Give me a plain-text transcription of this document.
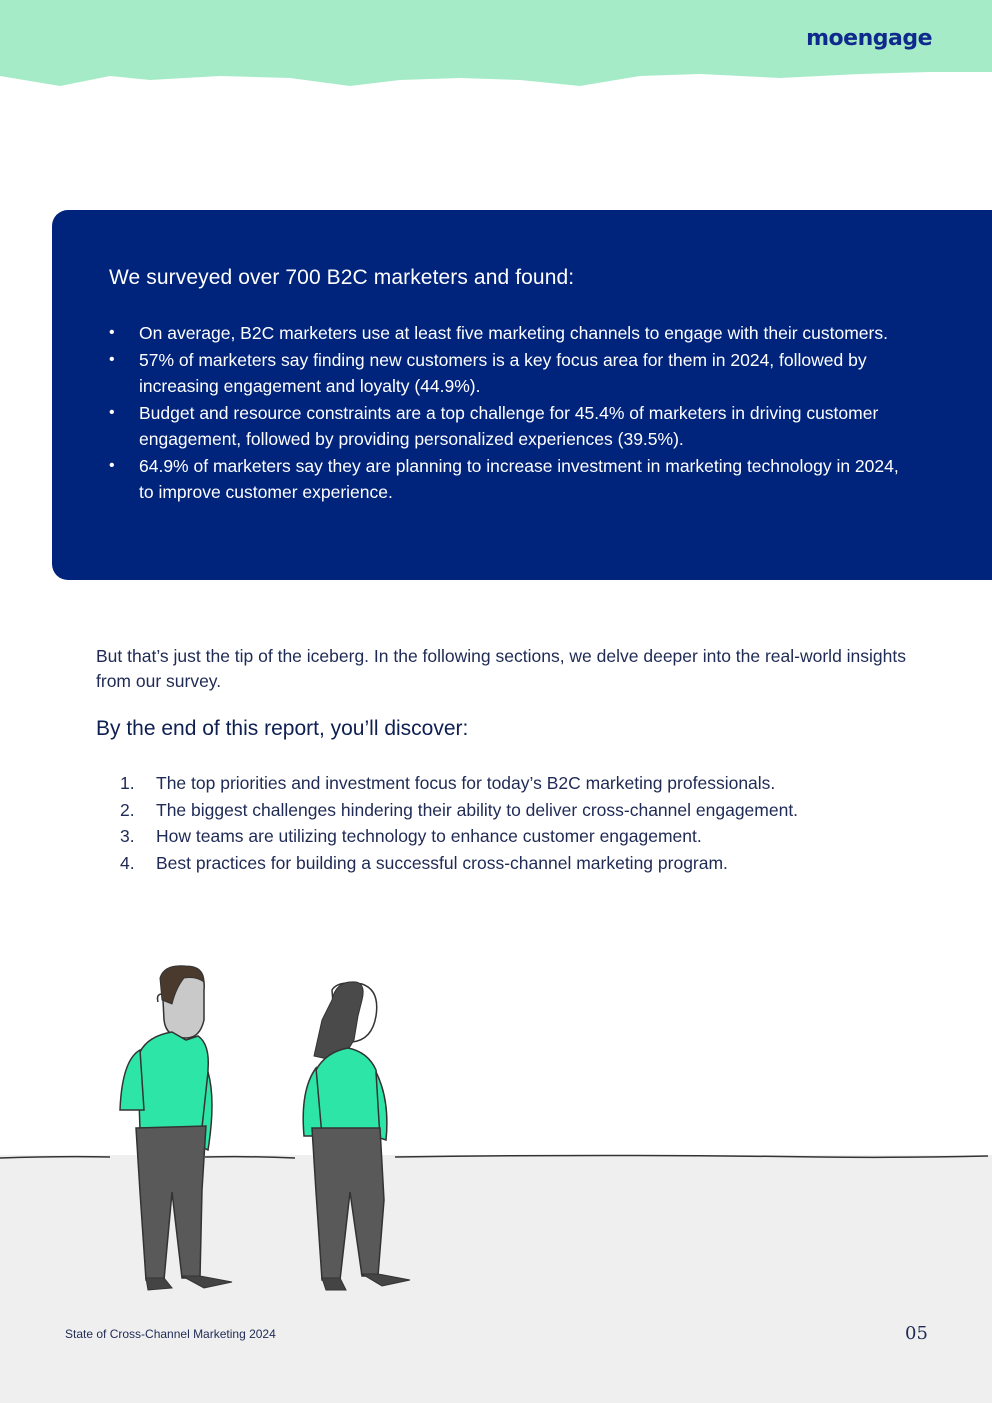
moengage
We surveyed over 700 B2C marketers and found:
• On average, B2C marketers use at least five marketing channels to engage with their customers.
• 57% of marketers say finding new customers is a key focus area for them in 2024, followed by increasing engagement and loyalty (44.9%).
• Budget and resource constraints are a top challenge for 45.4% of marketers in driving customer engagement, followed by providing personalized experiences (39.5%).
• 64.9% of marketers say they are planning to increase investment in marketing technology in 2024, to improve customer experience.

But that’s just the tip of the iceberg. In the following sections, we delve deeper into the real-world insights from our survey.

By the end of this report, you’ll discover:
1. The top priorities and investment focus for today’s B2C marketing professionals.
2. The biggest challenges hindering their ability to deliver cross-channel engagement.
3. How teams are utilizing technology to enhance customer engagement.
4. Best practices for building a successful cross-channel marketing program.
State of Cross-Channel Marketing 2024	05
